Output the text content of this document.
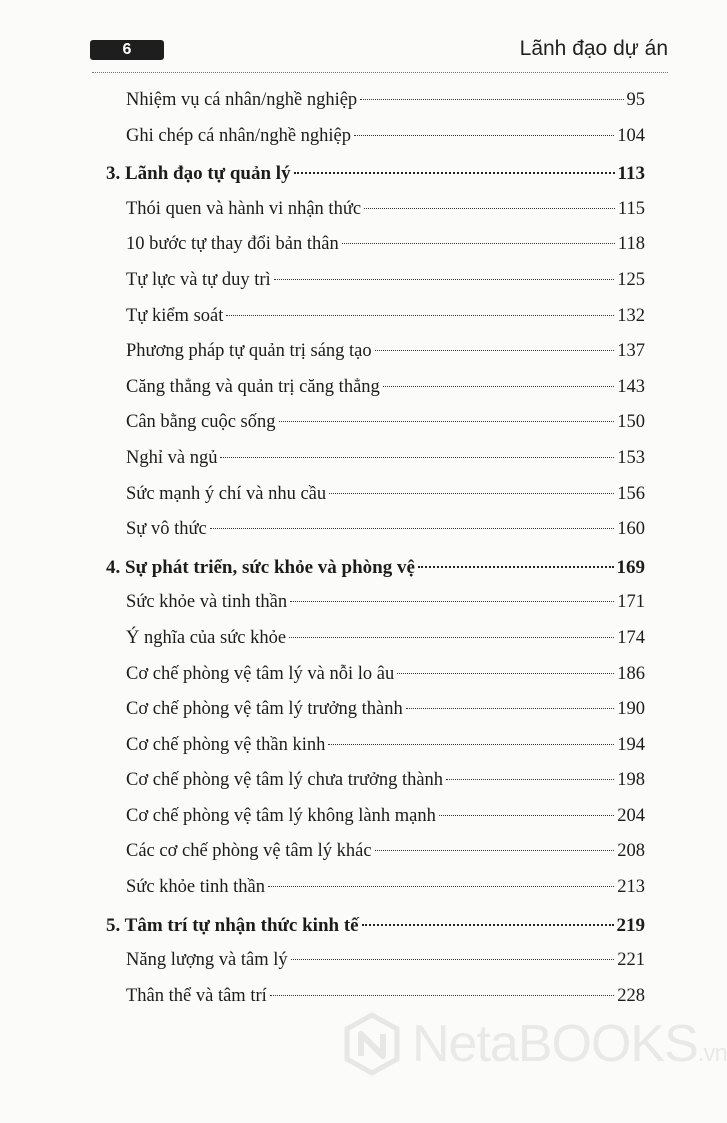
6	Lãnh đạo dự án
Nhiệm vụ cá nhân/nghề nghiệp	95
Ghi chép cá nhân/nghề nghiệp	104
3. Lãnh đạo tự quản lý	113
Thói quen và hành vi nhận thức	115
10 bước tự thay đổi bản thân	118
Tự lực và tự duy trì	125
Tự kiểm soát	132
Phương pháp tự quản trị sáng tạo	137
Căng thẳng và quản trị căng thẳng	143
Cân bằng cuộc sống	150
Nghỉ và ngủ	153
Sức mạnh ý chí và nhu cầu	156
Sự vô thức	160
4. Sự phát triển, sức khỏe và phòng vệ	169
Sức khỏe và tinh thần	171
Ý nghĩa của sức khỏe	174
Cơ chế phòng vệ tâm lý và nỗi lo âu	186
Cơ chế phòng vệ tâm lý trưởng thành	190
Cơ chế phòng vệ thần kinh	194
Cơ chế phòng vệ tâm lý chưa trưởng thành	198
Cơ chế phòng vệ tâm lý không lành mạnh	204
Các cơ chế phòng vệ tâm lý khác	208
Sức khỏe tinh thần	213
5. Tâm trí tự nhận thức kinh tế	219
Năng lượng và tâm lý	221
Thân thể và tâm trí	228
NetaBOOKS.vn
